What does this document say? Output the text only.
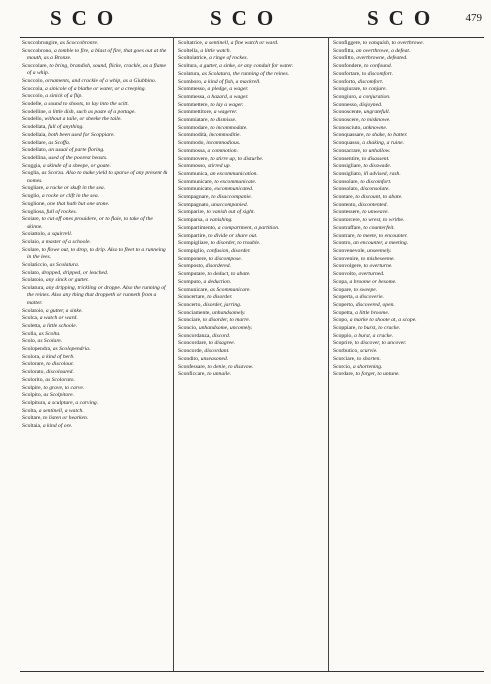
SCO	SCO	SCO 479

Scoccobrungire, as Scoccobronre.

Scoccobrono, a tomble to fire, a blast of fire, that goes out at the mouth, as a Bronze.

Scoccolare, to bring, brandish, sound, flicke, crackle, as a flame of a whip.

Scoccolo, ornaments, and crackle of a whip, as a Giubbino.

Scoccola, a sinicole of a blathe or water, or a creeping.

Scoccolo, a sinick of a flip.

Scodelle, a sound to shoots, to lay into the scitt.

Scodelline, a little dish, such as paste of a pottage.

Scodello, without a taile, or sheeke the taile.

Scodellata, full of anything.

Scodellaia, both been used for Scoppiare.

Scodellare, as Scoffa.

Scodellato, an usual of parte floring.

Scodellina, used of the poorest beasts.

Scoggia, a skinde of a sheepe, or goate.

Scoglia, as Scorza. Also to make yield to sparse of any present & nomes.

Scogliare, a racke or skuft in the sea.

Scoglio, a rocke or clift in the sea.

Scoglione, one that hath but one stone.

Scogliosa, full of rockes.

Scoiare, to cut off ones prouidere, or to flaie, to take of the skinne.

Scoiattolo, a squirrell.

Scolaio, a master of a schoole.

Scolare, to flowe out, to drop, to drip. Also to fleet to a runneing in the lees.

Scolaticcio, as Scolatura.

Scolato, dropped, dripped, or leached.

Scolatoio, any sinck or gutter.

Scolatura, any dripping, trickling or droppe. Also the running of the reines. Also any thing that droppeth or runneth from a matter.

Scolatoio, a gutter, a sinke.

Scolca, a watch or ward.

Scoletta, a little schoole.

Scolla, as Scolta.

Scolo, as Scolare.

Scolopendra, as Scolopendria.

Scolora, a kind of herb.

Scolorare, to discolour.

Scolorato, discoloured.

Scolorito, as Scolorato.

Scolpire, to grave, to carve.

Scolpito, as Scolpitore.

Scolpitura, a sculpture, a carving.

Scolta, a sentinell, a watch.

Scoltare, to listen or hearken.

Scoltaia, a kind of ore.

Scoltatrice, a sentinell, a fine watch or ward.

Scoltella, a little watch.

Scoltolatrice, a ringe of rockes.

Scoltura, a gutter, a sinke, or any conduit for water.

Scolatura, as Scolatura, the running of the reines.

Scomboro, a kind of fish, a mackrell.

Scommesso, a pledge, a wager.

Scommessa, a hazard, a wager.

Scommettere, to lay a wager.

Scommettitore, a wagerer.

Scommiatare, to dismisse.

Scommodare, to incommodate.

Scommodità, incommoditie.

Scommodo, incommodious.

Scommossa, a commotion.

Scommovere, to stirre up, to disturbe.

Scommosso, stirred up.

Scommunica, an excommunication.

Scommunicare, to excommunicate.

Scommunicato, excommunicated.

Scompagnare, to disaccompanie.

Scompagnato, unaccompanied.

Scomparire, to vanish out of sight.

Scomparsa, a vanishing.

Scompartimento, a compartment, a partition.

Scompartire, to divide or share out.

Scompigliare, to disorder, to trouble.

Scompiglio, confusion, disorder.

Scomponere, to discompose.

Scomposto, disordered.

Scomputare, to deduct, to abate.

Scomputo, a deduction.

Scomunicare, as Scommunicare.

Sconcertare, to disorder.

Sconcerto, disorder, jarring.

Sconciamente, unhandsomely.

Sconciare, to disorder, to marre.

Sconcio, unhandsome, uncomely.

Sconcordanza, discord.

Sconcordare, to disagree.

Sconcorde, discordant.

Scondito, unseasoned.

Sconfessare, to denie, to disavow.

Sconficcare, to unnaile.

Sconfiggere, to vanquish, to overthrowe.

Sconfitta, an overthrowe, a defeat.

Sconfitto, overthrowne, defeated.

Sconfondere, to confound.

Sconfortare, to discomfort.

Sconforto, discomfort.

Scongiurare, to conjure.

Scongiuro, a conjuration.

Sconnesso, disjoyned.

Sconoscente, ungratefull.

Sconoscere, to misknowe.

Sconosciuto, unknowne.

Sconquassare, to shake, to batter.

Sconquasso, a shaking, a ruine.

Sconsacrare, to unhallow.

Sconsentire, to disassent.

Sconsigliare, to disswade.

Sconsigliato, ill advised, rash.

Sconsolare, to discomfort.

Sconsolato, disconsolate.

Scontare, to discount, to abate.

Scontento, discontented.

Scontessere, to unweave.

Scontorcere, to wrest, to writhe.

Scontraffare, to counterfeit.

Scontrare, to meete, to encounter.

Scontro, an encounter, a meeting.

Sconvenevole, unseemely.

Sconvenire, to misbeseeme.

Sconvolgere, to overturne.

Sconvolto, overturned.

Scopa, a broome or besome.

Scopare, to sweepe.

Scoperta, a discoverie.

Scoperto, discovered, open.

Scopetta, a little broome.

Scopo, a marke to shoote at, a scope.

Scoppiare, to burst, to cracke.

Scoppio, a burst, a cracke.

Scoprire, to discover, to uncover.

Scorbutico, scurvie.

Scorciare, to shorten.

Scorcio, a shortening.

Scordare, to forget, to untune.
